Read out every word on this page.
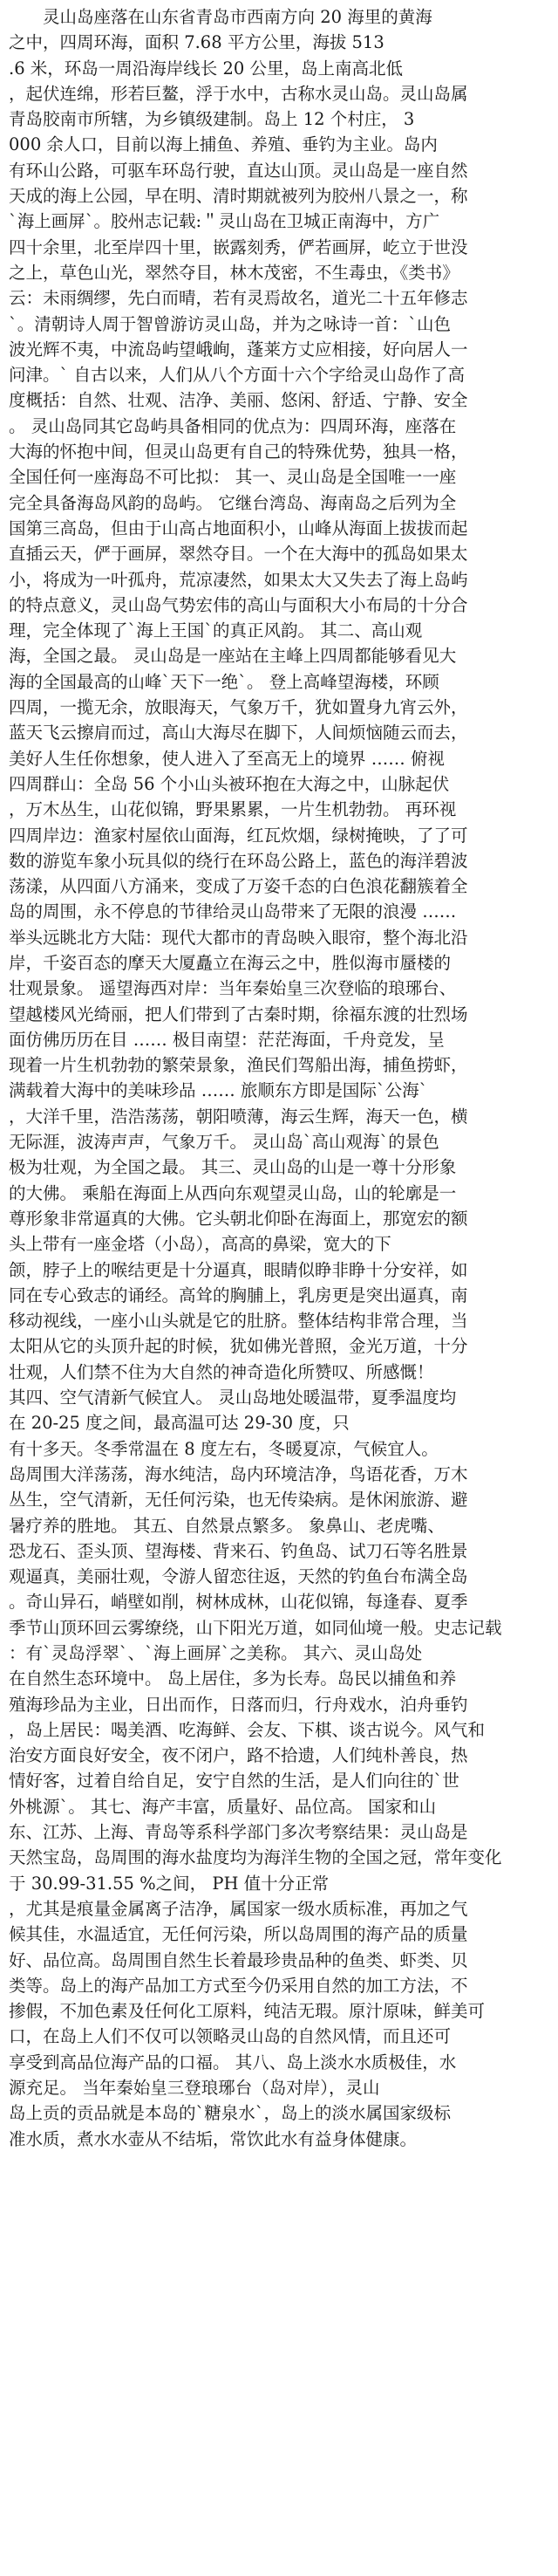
　　灵山岛座落在山东省青岛市西南方向 20 海里的黄海
之中，四周环海，面积 7.68 平方公里，海拔 513
.6 米，环岛一周沿海岸线长 20 公里，岛上南高北低
，起伏连绵，形若巨鳌，浮于水中，古称水灵山岛。灵山岛属
青岛胶南市所辖，为乡镇级建制。岛上 12 个村庄， 3
000 余人口，目前以海上捕鱼、养殖、垂钓为主业。岛内
有环山公路，可驱车环岛行驶，直达山顶。灵山岛是一座自然
天成的海上公园，早在明、清时期就被列为胶州八景之一，称
`海上画屏`。胶州志记载:＂灵山岛在卫城正南海中，方广
四十余里，北至岸四十里，嵌露刻秀，俨若画屏，屹立于世没
之上，草色山光，翠然夺目，林木茂密，不生毒虫，《类书》
云：未雨绸缪，先白而晴，若有灵焉故名，道光二十五年修志
`。清朝诗人周于智曾游访灵山岛，并为之咏诗一首：`山色
波光辉不夷，中流岛屿望峨峋，蓬莱方丈应相接，好向居人一
问津。` 自古以来，人们从八个方面十六个字给灵山岛作了高
度概括：自然、壮观、洁净、美丽、悠闲、舒适、宁静、安全
。 灵山岛同其它岛屿具备相同的优点为：四周环海，座落在
大海的怀抱中间，但灵山岛更有自己的特殊优势，独具一格，
全国任何一座海岛不可比拟： 其一、灵山岛是全国唯一一座
完全具备海岛风韵的岛屿。 它继台湾岛、海南岛之后列为全
国第三高岛，但由于山高占地面积小，山峰从海面上拔拔而起
直插云天，俨于画屏，翠然夺目。一个在大海中的孤岛如果太
小，将成为一叶孤舟，荒凉凄然，如果太大又失去了海上岛屿
的特点意义，灵山岛气势宏伟的高山与面积大小布局的十分合
理，完全体现了`海上王国`的真正风韵。 其二、高山观
海，全国之最。 灵山岛是一座站在主峰上四周都能够看见大
海的全国最高的山峰`天下一绝`。 登上高峰望海楼，环顾
四周，一揽无余，放眼海天，气象万千，犹如置身九宵云外，
蓝天飞云擦肩而过，高山大海尽在脚下，人间烦恼随云而去，
美好人生任你想象，使人进入了至高无上的境界 …… 俯视
四周群山：全岛 56 个小山头被环抱在大海之中，山脉起伏
，万木丛生，山花似锦，野果累累，一片生机勃勃。 再环视
四周岸边：渔家村屋依山面海，红瓦炊烟，绿树掩映，了了可
数的游览车象小玩具似的绕行在环岛公路上，蓝色的海洋碧波
荡漾，从四面八方涌来，变成了万姿千态的白色浪花翻簇着全
岛的周围，永不停息的节律给灵山岛带来了无限的浪漫 ……
举头远眺北方大陆：现代大都市的青岛映入眼帘，整个海北沿
岸，千姿百态的摩天大厦矗立在海云之中，胜似海市蜃楼的
壮观景象。 遥望海西对岸：当年秦始皇三次登临的琅琊台、
望越楼风光绮丽，把人们带到了古秦时期，徐福东渡的壮烈场
面仿佛历历在目 …… 极目南望：茫茫海面，千舟竞发，呈
现着一片生机勃勃的繁荣景象，渔民们驾船出海，捕鱼捞虾，
满载着大海中的美味珍品 …… 旅顺东方即是国际`公海`
，大洋千里，浩浩荡荡，朝阳喷薄，海云生辉，海天一色，横
无际涯，波涛声声，气象万千。 灵山岛`高山观海`的景色
极为壮观，为全国之最。 其三、灵山岛的山是一尊十分形象
的大佛。 乘船在海面上从西向东观望灵山岛，山的轮廓是一
尊形象非常逼真的大佛。它头朝北仰卧在海面上，那宽宏的额
头上带有一座金塔（小岛），高高的鼻梁，宽大的下
颌，脖子上的喉结更是十分逼真，眼睛似睁非睁十分安祥，如
同在专心致志的诵经。高耸的胸脯上，乳房更是突出逼真，南
移动视线，一座小山头就是它的肚脐。整体结构非常合理，当
太阳从它的头顶升起的时候，犹如佛光普照，金光万道，十分
壮观，人们禁不住为大自然的神奇造化所赞叹、所感慨！
其四、空气清新气候宜人。 灵山岛地处暖温带，夏季温度均
在 20-25 度之间，最高温可达 29-30 度，只
有十多天。冬季常温在 8 度左右，冬暖夏凉，气候宜人。
岛周围大洋荡荡，海水纯洁，岛内环境洁净，鸟语花香，万木
丛生，空气清新，无任何污染，也无传染病。是休闲旅游、避
暑疗养的胜地。 其五、自然景点繁多。 象鼻山、老虎嘴、
恐龙石、歪头顶、望海楼、背来石、钓鱼岛、试刀石等名胜景
观逼真，美丽壮观，令游人留恋往返，天然的钓鱼台布满全岛
。奇山异石，峭壁如削，树林成林，山花似锦，每逢春、夏季
季节山顶环回云雾缭绕，山下阳光万道，如同仙境一般。史志记载
：有`灵岛浮翠`、`海上画屏`之美称。 其六、灵山岛处
在自然生态环境中。 岛上居住，多为长寿。岛民以捕鱼和养
殖海珍品为主业，日出而作，日落而归，行舟戏水，泊舟垂钓
，岛上居民：喝美酒、吃海鲜、会友、下棋、谈古说今。风气和
治安方面良好安全，夜不闭户，路不拾遗，人们纯朴善良，热
情好客，过着自给自足，安宁自然的生活，是人们向往的`世
外桃源`。 其七、海产丰富，质量好、品位高。 国家和山
东、江苏、上海、青岛等系科学部门多次考察结果：灵山岛是
天然宝岛，岛周围的海水盐度均为海洋生物的全国之冠，常年变化
于 30.99-31.55 %之间， PH 值十分正常
，尤其是痕量金属离子洁净，属国家一级水质标准，再加之气
候其佳，水温适宜，无任何污染，所以岛周围的海产品的质量
好、品位高。岛周围自然生长着最珍贵品种的鱼类、虾类、贝
类等。岛上的海产品加工方式至今仍采用自然的加工方法，不
掺假，不加色素及任何化工原料，纯洁无瑕。原汁原味，鲜美可
口，在岛上人们不仅可以领略灵山岛的自然风情，而且还可
享受到高品位海产品的口福。 其八、岛上淡水水质极佳，水
源充足。 当年秦始皇三登琅琊台（岛对岸），灵山
岛上贡的贡品就是本岛的`糖泉水`，岛上的淡水属国家级标
准水质，煮水水壶从不结垢，常饮此水有益身体健康。
